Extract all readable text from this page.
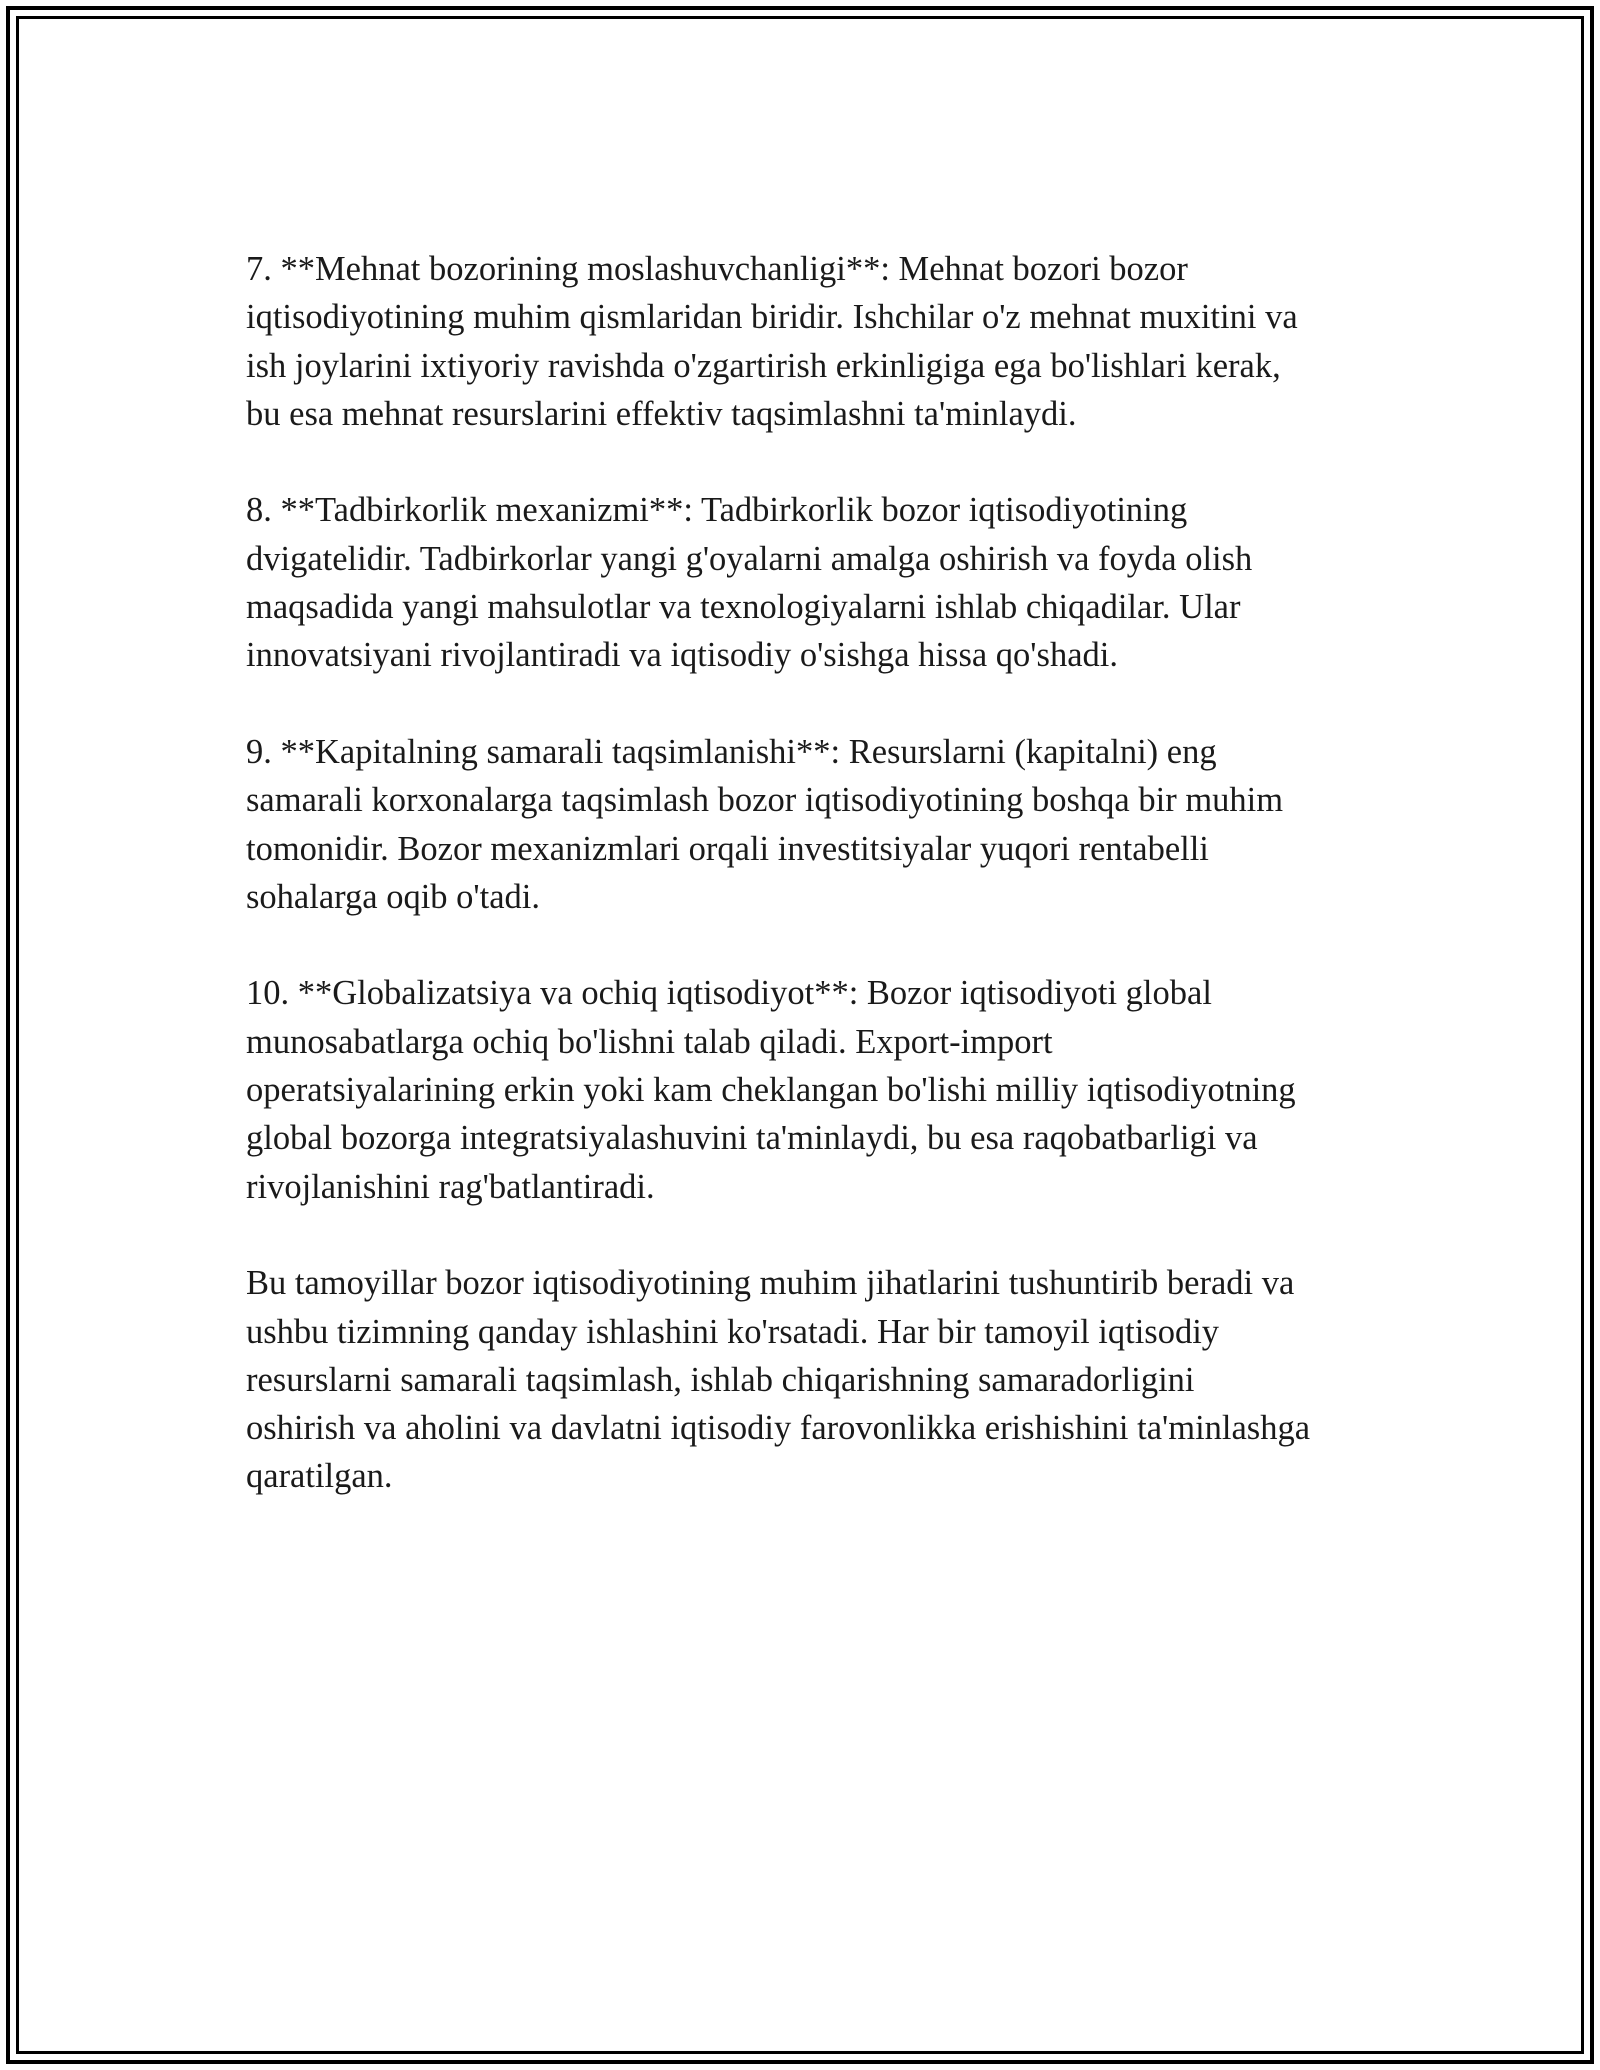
7. **Mehnat bozorining moslashuvchanligi**: Mehnat bozori bozor
iqtisodiyotining muhim qismlaridan biridir. Ishchilar o'z mehnat muxitini va
ish joylarini ixtiyoriy ravishda o'zgartirish erkinligiga ega bo'lishlari kerak,
bu esa mehnat resurslarini effektiv taqsimlashni ta'minlaydi.

8. **Tadbirkorlik mexanizmi**: Tadbirkorlik bozor iqtisodiyotining
dvigatelidir. Tadbirkorlar yangi g'oyalarni amalga oshirish va foyda olish
maqsadida yangi mahsulotlar va texnologiyalarni ishlab chiqadilar. Ular
innovatsiyani rivojlantiradi va iqtisodiy o'sishga hissa qo'shadi.

9. **Kapitalning samarali taqsimlanishi**: Resurslarni (kapitalni) eng
samarali korxonalarga taqsimlash bozor iqtisodiyotining boshqa bir muhim
tomonidir. Bozor mexanizmlari orqali investitsiyalar yuqori rentabelli
sohalarga oqib o'tadi.

10. **Globalizatsiya va ochiq iqtisodiyot**: Bozor iqtisodiyoti global
munosabatlarga ochiq bo'lishni talab qiladi. Export-import
operatsiyalarining erkin yoki kam cheklangan bo'lishi milliy iqtisodiyotning
global bozorga integratsiyalashuvini ta'minlaydi, bu esa raqobatbarligi va
rivojlanishini rag'batlantiradi.

Bu tamoyillar bozor iqtisodiyotining muhim jihatlarini tushuntirib beradi va
ushbu tizimning qanday ishlashini ko'rsatadi. Har bir tamoyil iqtisodiy
resurslarni samarali taqsimlash, ishlab chiqarishning samaradorligini
oshirish va aholini va davlatni iqtisodiy farovonlikka erishishini ta'minlashga
qaratilgan.
